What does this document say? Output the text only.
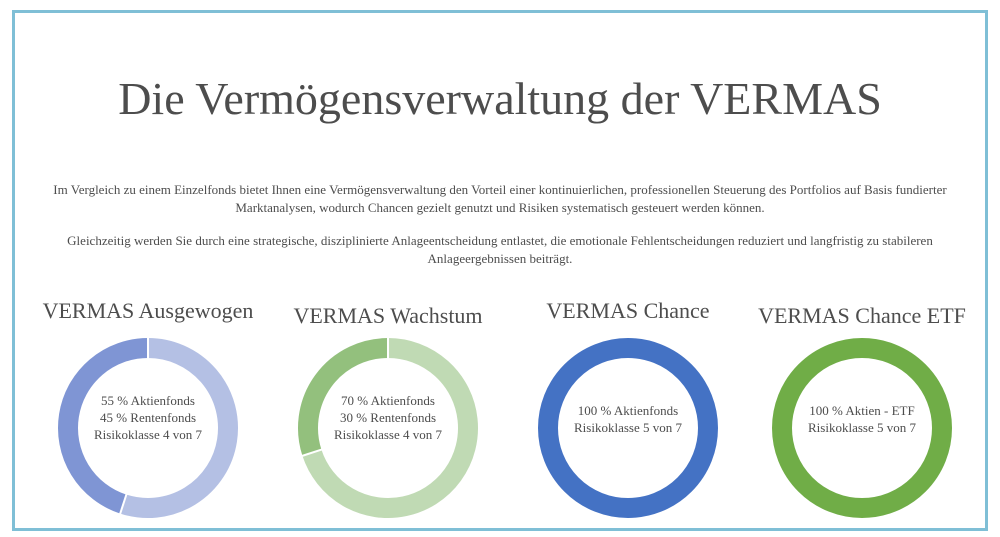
Die Vermögensverwaltung der VERMAS
Im Vergleich zu einem Einzelfonds bietet Ihnen eine Vermögensverwaltung den Vorteil einer kontinuierlichen, professionellen Steuerung des Portfolios auf Basis fundierter Marktanalysen, wodurch Chancen gezielt genutzt und Risiken systematisch gesteuert werden können.
Gleichzeitig werden Sie durch eine strategische, disziplinierte Anlageentscheidung entlastet, die emotionale Fehlentscheidungen reduziert und langfristig zu stabileren Anlageergebnissen beiträgt.
VERMAS Ausgewogen
55 % Aktienfonds
45 % Rentenfonds
Risikoklasse 4 von 7
VERMAS Wachstum
70 % Aktienfonds
30 % Rentenfonds
Risikoklasse 4 von 7
VERMAS Chance
100 % Aktienfonds
Risikoklasse 5 von 7
VERMAS Chance ETF
100 % Aktien - ETF
Risikoklasse 5 von 7
